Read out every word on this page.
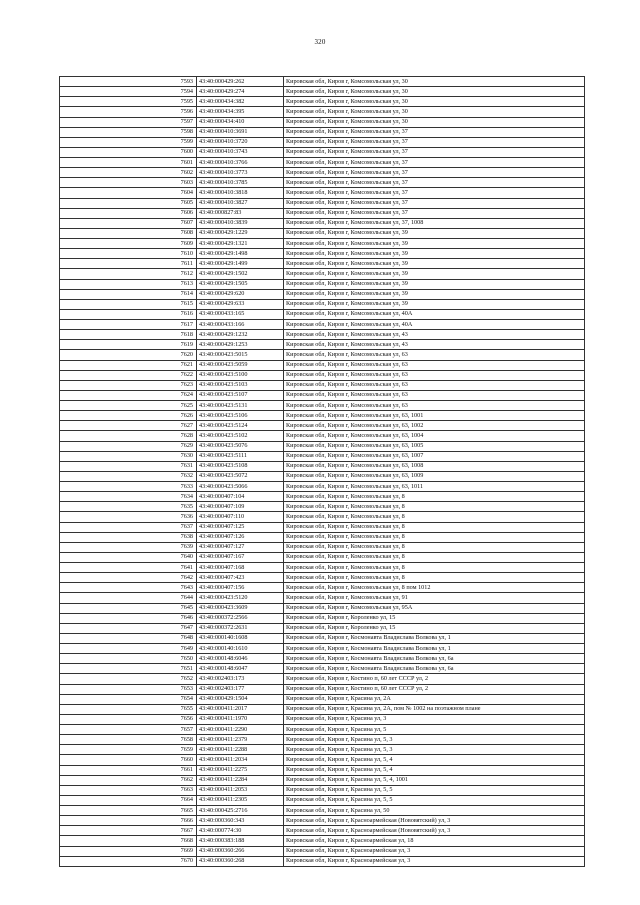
320
7593	43:40:000429:262	Кировская обл, Киров г, Комсомольская ул, 30
7594	43:40:000429:274	Кировская обл, Киров г, Комсомольская ул, 30
7595	43:40:000434:382	Кировская обл, Киров г, Комсомольская ул, 30
7596	43:40:000434:395	Кировская обл, Киров г, Комсомольская ул, 30
7597	43:40:000434:410	Кировская обл, Киров г, Комсомольская ул, 30
7598	43:40:000410:3691	Кировская обл, Киров г, Комсомольская ул, 37
7599	43:40:000410:3720	Кировская обл, Киров г, Комсомольская ул, 37
7600	43:40:000410:3743	Кировская обл, Киров г, Комсомольская ул, 37
7601	43:40:000410:3766	Кировская обл, Киров г, Комсомольская ул, 37
7602	43:40:000410:3773	Кировская обл, Киров г, Комсомольская ул, 37
7603	43:40:000410:3785	Кировская обл, Киров г, Комсомольская ул, 37
7604	43:40:000410:3818	Кировская обл, Киров г, Комсомольская ул, 37
7605	43:40:000410:3827	Кировская обл, Киров г, Комсомольская ул, 37
7606	43:40:000827:83	Кировская обл, Киров г, Комсомольская ул, 37
7607	43:40:000410:3839	Кировская обл, Киров г, Комсомольская ул, 37, 1008
7608	43:40:000429:1229	Кировская обл, Киров г, Комсомольская ул, 39
7609	43:40:000429:1321	Кировская обл, Киров г, Комсомольская ул, 39
7610	43:40:000429:1498	Кировская обл, Киров г, Комсомольская ул, 39
7611	43:40:000429:1499	Кировская обл, Киров г, Комсомольская ул, 39
7612	43:40:000429:1502	Кировская обл, Киров г, Комсомольская ул, 39
7613	43:40:000429:1505	Кировская обл, Киров г, Комсомольская ул, 39
7614	43:40:000429:620	Кировская обл, Киров г, Комсомольская ул, 39
7615	43:40:000429:633	Кировская обл, Киров г, Комсомольская ул, 39
7616	43:40:000433:165	Кировская обл, Киров г, Комсомольская ул, 40А
7617	43:40:000433:166	Кировская обл, Киров г, Комсомольская ул, 40А
7618	43:40:000429:1232	Кировская обл, Киров г, Комсомольская ул, 43
7619	43:40:000429:1253	Кировская обл, Киров г, Комсомольская ул, 43
7620	43:40:000423:5015	Кировская обл, Киров г, Комсомольская ул, 63
7621	43:40:000423:5059	Кировская обл, Киров г, Комсомольская ул, 63
7622	43:40:000423:5100	Кировская обл, Киров г, Комсомольская ул, 63
7623	43:40:000423:5103	Кировская обл, Киров г, Комсомольская ул, 63
7624	43:40:000423:5107	Кировская обл, Киров г, Комсомольская ул, 63
7625	43:40:000423:5131	Кировская обл, Киров г, Комсомольская ул, 63
7626	43:40:000423:5106	Кировская обл, Киров г, Комсомольская ул, 63, 1001
7627	43:40:000423:5124	Кировская обл, Киров г, Комсомольская ул, 63, 1002
7628	43:40:000423:5102	Кировская обл, Киров г, Комсомольская ул, 63, 1004
7629	43:40:000423:5076	Кировская обл, Киров г, Комсомольская ул, 63, 1005
7630	43:40:000423:5111	Кировская обл, Киров г, Комсомольская ул, 63, 1007
7631	43:40:000423:5108	Кировская обл, Киров г, Комсомольская ул, 63, 1008
7632	43:40:000423:5072	Кировская обл, Киров г, Комсомольская ул, 63, 1009
7633	43:40:000423:5066	Кировская обл, Киров г, Комсомольская ул, 63, 1011
7634	43:40:000407:104	Кировская обл, Киров г, Комсомольская ул, 8
7635	43:40:000407:109	Кировская обл, Киров г, Комсомольская ул, 8
7636	43:40:000407:110	Кировская обл, Киров г, Комсомольская ул, 8
7637	43:40:000407:125	Кировская обл, Киров г, Комсомольская ул, 8
7638	43:40:000407:126	Кировская обл, Киров г, Комсомольская ул, 8
7639	43:40:000407:127	Кировская обл, Киров г, Комсомольская ул, 8
7640	43:40:000407:167	Кировская обл, Киров г, Комсомольская ул, 8
7641	43:40:000407:168	Кировская обл, Киров г, Комсомольская ул, 8
7642	43:40:000407:423	Кировская обл, Киров г, Комсомольская ул, 8
7643	43:40:000407:156	Кировская обл, Киров г, Комсомольская ул, 8 пом 1012
7644	43:40:000423:5120	Кировская обл, Киров г, Комсомольская ул, 91
7645	43:40:000423:3609	Кировская обл, Киров г, Комсомольская ул, 95А
7646	43:40:000372:2566	Кировская обл, Киров г, Короленко ул, 15
7647	43:40:000372:2631	Кировская обл, Киров г, Короленко ул, 15
7648	43:40:000140:1608	Кировская обл, Киров г, Космонавта Владислава Волкова ул, 1
7649	43:40:000140:1610	Кировская обл, Киров г, Космонавта Владислава Волкова ул, 1
7650	43:40:000148:6046	Кировская обл, Киров г, Космонавта Владислава Волкова ул, 6а
7651	43:40:000148:6047	Кировская обл, Киров г, Космонавта Владислава Волкова ул, 6а
7652	43:40:002403:173	Кировская обл, Киров г, Костино п, 60 лет СССР ул, 2
7653	43:40:002403:177	Кировская обл, Киров г, Костино п, 60 лет СССР ул, 2
7654	43:40:000429:1504	Кировская обл, Киров г, Красина ул, 2А
7655	43:40:000411:2017	Кировская обл, Киров г, Красина ул, 2А, пом № 1002 на поэтажном плане
7656	43:40:000411:1970	Кировская обл, Киров г, Красина ул, 3
7657	43:40:000411:2290	Кировская обл, Киров г, Красина ул, 5
7658	43:40:000411:2379	Кировская обл, Киров г, Красина ул, 5, 3
7659	43:40:000411:2288	Кировская обл, Киров г, Красина ул, 5, 3
7660	43:40:000411:2034	Кировская обл, Киров г, Красина ул, 5, 4
7661	43:40:000411:2275	Кировская обл, Киров г, Красина ул, 5, 4
7662	43:40:000411:2284	Кировская обл, Киров г, Красина ул, 5, 4, 1001
7663	43:40:000411:2053	Кировская обл, Киров г, Красина ул, 5, 5
7664	43:40:000411:2305	Кировская обл, Киров г, Красина ул, 5, 5
7665	43:40:000425:2716	Кировская обл, Киров г, Красина ул, 50
7666	43:40:000360:343	Кировская обл, Киров г, Красноармейская (Нововятский) ул, 3
7667	43:40:000774:30	Кировская обл, Киров г, Красноармейская (Нововятский) ул, 3
7668	43:40:000383:188	Кировская обл, Киров г, Красноармейская ул, 18
7669	43:40:000360:266	Кировская обл, Киров г, Красноармейская ул, 3
7670	43:40:000360:268	Кировская обл, Киров г, Красноармейская ул, 3
